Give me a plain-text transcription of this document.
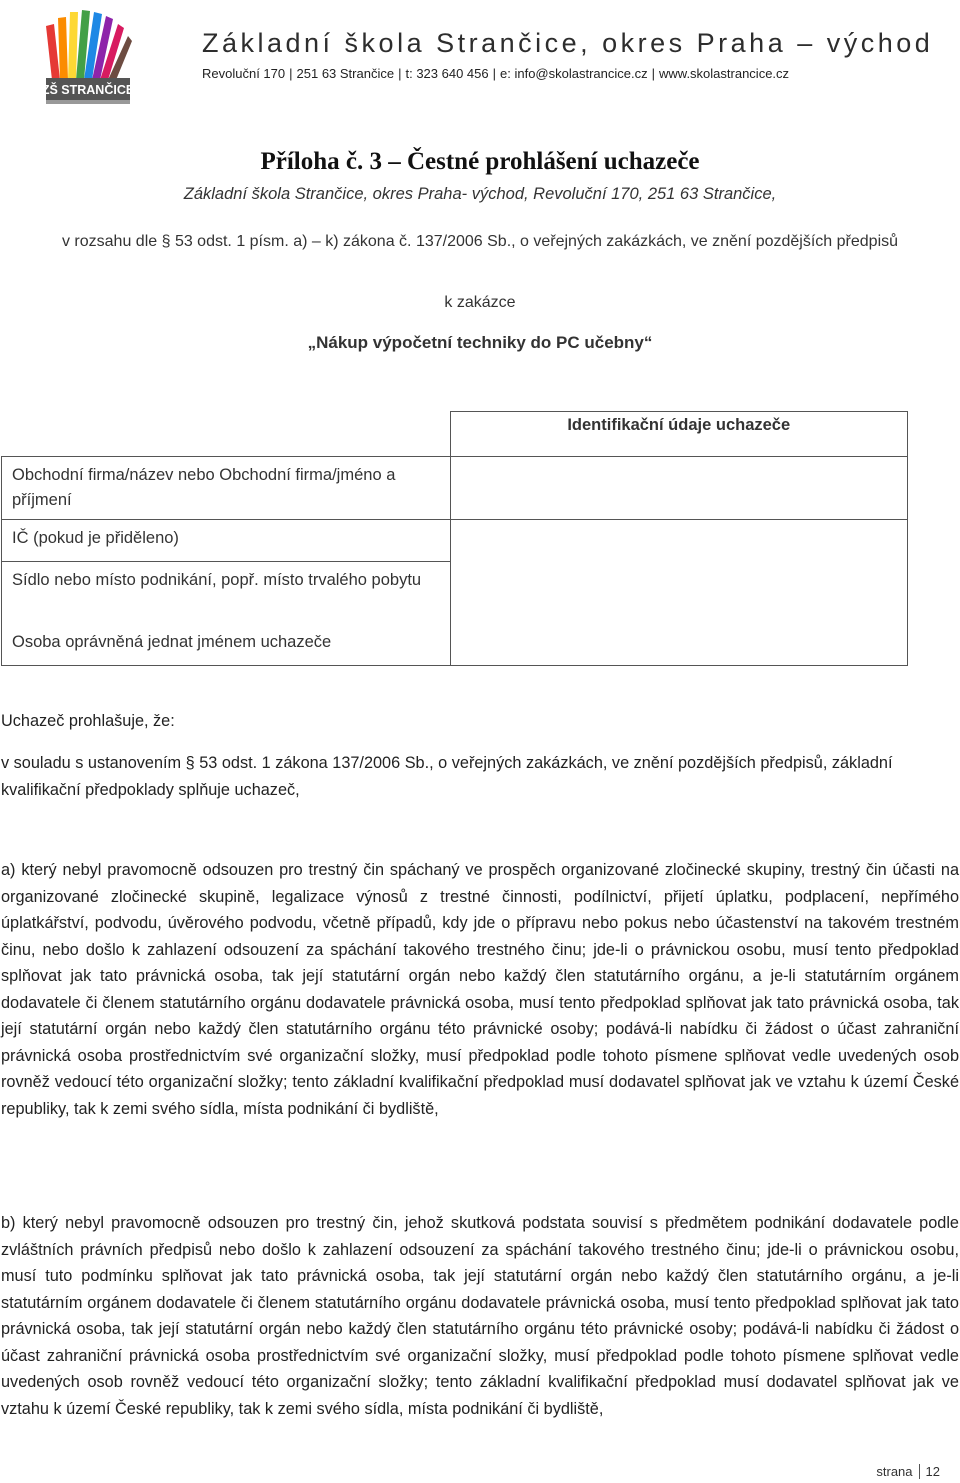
ZŠ STRANČICE
Základní škola Strančice, okres Praha – východ
Revoluční 170 | 251 63 Strančice | t: 323 640 456 | e: info@skolastrancice.cz | www.skolastrancice.cz
Příloha č. 3 – Čestné prohlášení uchazeče
Základní škola Strančice, okres Praha- východ, Revoluční 170, 251 63 Strančice,
v rozsahu dle § 53 odst. 1 písm. a) – k) zákona č. 137/2006 Sb., o veřejných zakázkách, ve znění pozdějších předpisů
k zakázce
„Nákup výpočetní techniky do PC učebny“
	Identifikační údaje uchazeče
Obchodní firma/název nebo Obchodní firma/jméno a příjmení	
IČ (pokud je přiděleno)	
Sídlo nebo místo podnikání, popř. místo trvalého pobytu	
Osoba oprávněná jednat jménem uchazeče	
Uchazeč prohlašuje, že:
v souladu s ustanovením § 53 odst. 1 zákona 137/2006 Sb., o veřejných zakázkách, ve znění pozdějších předpisů, základní kvalifikační předpoklady splňuje uchazeč,
a) který nebyl pravomocně odsouzen pro trestný čin spáchaný ve prospěch organizované zločinecké skupiny, trestný čin účasti na organizované zločinecké skupině, legalizace výnosů z trestné činnosti, podílnictví, přijetí úplatku, podplacení, nepřímého úplatkářství, podvodu, úvěrového podvodu, včetně případů, kdy jde o přípravu nebo pokus nebo účastenství na takovém trestném činu, nebo došlo k zahlazení odsouzení za spáchání takového trestného činu; jde-li o právnickou osobu, musí tento předpoklad splňovat jak tato právnická osoba, tak její statutární orgán nebo každý člen statutárního orgánu, a je-li statutárním orgánem dodavatele či členem statutárního orgánu dodavatele právnická osoba, musí tento předpoklad splňovat jak tato právnická osoba, tak její statutární orgán nebo každý člen statutárního orgánu této právnické osoby; podává-li nabídku či žádost o účast zahraniční právnická osoba prostřednictvím své organizační složky, musí předpoklad podle tohoto písmene splňovat vedle uvedených osob rovněž vedoucí této organizační složky; tento základní kvalifikační předpoklad musí dodavatel splňovat jak ve vztahu k území České republiky, tak k zemi svého sídla, místa podnikání či bydliště,
b) který nebyl pravomocně odsouzen pro trestný čin, jehož skutková podstata souvisí s předmětem podnikání dodavatele podle zvláštních právních předpisů nebo došlo k zahlazení odsouzení za spáchání takového trestného činu; jde-li o právnickou osobu, musí tuto podmínku splňovat jak tato právnická osoba, tak její statutární orgán nebo každý člen statutárního orgánu, a je-li statutárním orgánem dodavatele či členem statutárního orgánu dodavatele právnická osoba, musí tento předpoklad splňovat jak tato právnická osoba, tak její statutární orgán nebo každý člen statutárního orgánu této právnické osoby; podává-li nabídku či žádost o účast zahraniční právnická osoba prostřednictvím své organizační složky, musí předpoklad podle tohoto písmene splňovat vedle uvedených osob rovněž vedoucí této organizační složky; tento základní kvalifikační předpoklad musí dodavatel splňovat jak ve vztahu k území České republiky, tak k zemi svého sídla, místa podnikání či bydliště,
strana 12
